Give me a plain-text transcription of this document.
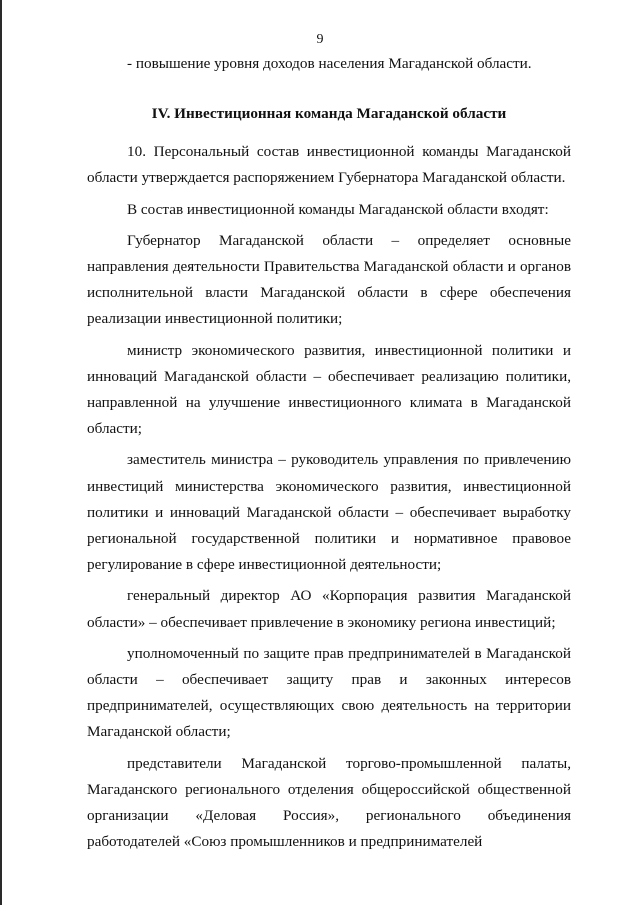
9

- повышение уровня доходов населения Магаданской области.

IV. Инвестиционная команда Магаданской области

10. Персональный состав инвестиционной команды Магаданской области утверждается распоряжением Губернатора Магаданской области.

В состав инвестиционной команды Магаданской области входят:

Губернатор Магаданской области – определяет основные направления деятельности Правительства Магаданской области и органов исполнительной власти Магаданской области в сфере обеспечения реализации инвестиционной политики;

министр экономического развития, инвестиционной политики и инноваций Магаданской области – обеспечивает реализацию политики, направленной на улучшение инвестиционного климата в Магаданской области;

заместитель министра – руководитель управления по привлечению инвестиций министерства экономического развития, инвестиционной политики и инноваций Магаданской области – обеспечивает выработку региональной государственной политики и нормативное правовое регулирование в сфере инвестиционной деятельности;

генеральный директор АО «Корпорация развития Магаданской области» – обеспечивает привлечение в экономику региона инвестиций;

уполномоченный по защите прав предпринимателей в Магаданской области – обеспечивает защиту прав и законных интересов предпринимателей, осуществляющих свою деятельность на территории Магаданской области;

представители Магаданской торгово-промышленной палаты, Магаданского регионального отделения общероссийской общественной организации «Деловая Россия», регионального объединения работодателей «Союз промышленников и предпринимателей
